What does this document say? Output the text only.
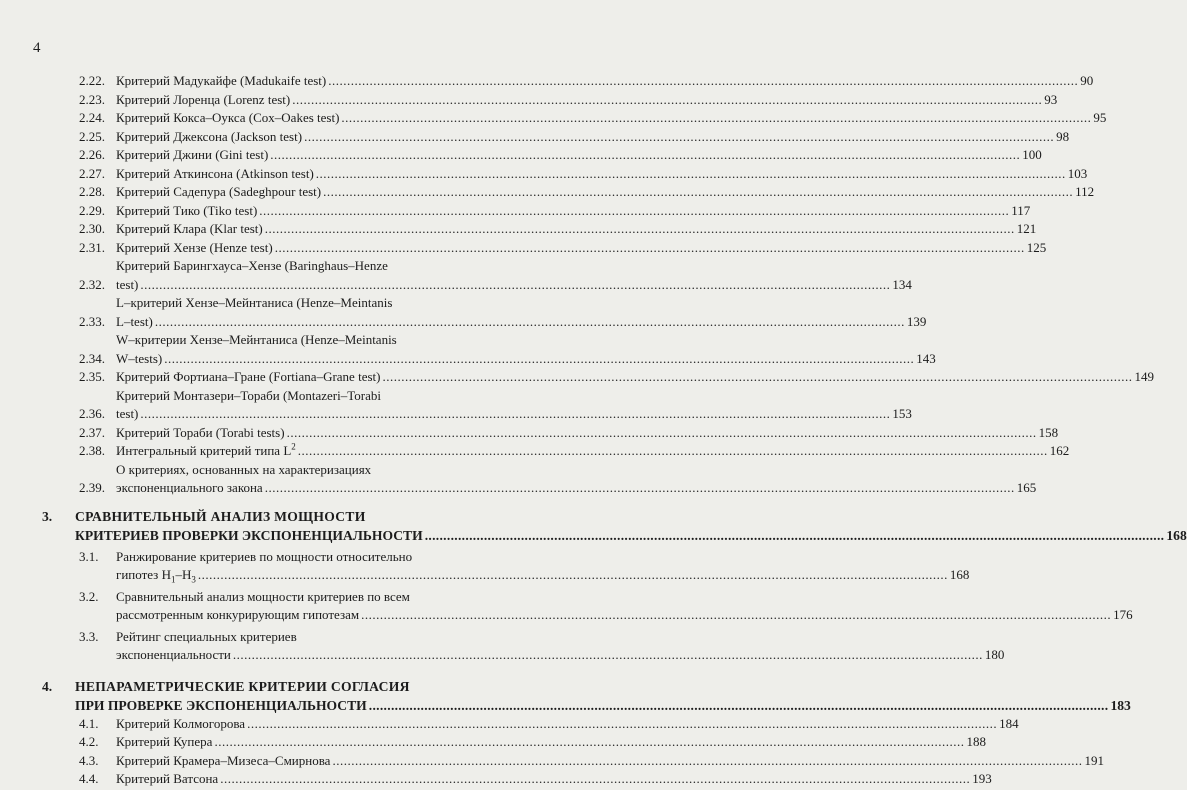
4
2.22. Критерий Мадукайфе (Madukaife test) .....	90
2.23. Критерий Лоренца (Lorenz test) .....	93
2.24. Критерий Кокса–Оукса (Cox–Oakes test) .....	95
2.25. Критерий Джексона (Jackson test) .....	98
2.26. Критерий Джини (Gini test) .....	100
2.27. Критерий Аткинсона (Atkinson test) .....	103
2.28. Критерий Садепура (Sadeghpour test) .....	112
2.29. Критерий Тико (Tiko test) .....	117
2.30. Критерий Клара (Klar test) .....	121
2.31. Критерий Хензе (Henze test) .....	125
2.32.
Критерий Барингхауса–Хензе (Baringhaus–Henze
test) .....	134
2.33.
L–критерий Хензе–Мейнтаниса (Henze–Meintanis
L–test) .....	139
2.34.
W–критерии Хензе–Мейнтаниса (Henze–Meintanis
W–tests) .....	143
2.35. Критерий Фортиана–Гране (Fortiana–Grane test) .....	149
2.36.
Критерий Монтазери–Тораби (Montazeri–Torabi
test) .....	153
2.37. Критерий Тораби (Torabi tests) .....	158
2.38. Интегральный критерий типа $L^2$ .....	162
2.39.
О критериях, основанных на характеризациях
экспоненциального закона .....	165
3.	СРАВНИТЕЛЬНЫЙ АНАЛИЗ МОЩНОСТИ
КРИТЕРИЕВ ПРОВЕРКИ ЭКСПОНЕНЦИАЛЬНОСТИ .....	168
3.1.	Ранжирование критериев по мощности относительно
гипотез $H_1-H_3$ .....	168
3.2.	Сравнительный анализ мощности критериев по всем
рассмотренным конкурирующим гипотезам .....	176
3.3.	Рейтинг специальных критериев
экспоненциальности .....	180
4.	НЕПАРАМЕТРИЧЕСКИЕ КРИТЕРИИ СОГЛАСИЯ
ПРИ ПРОВЕРКЕ ЭКСПОНЕНЦИАЛЬНОСТИ .....	183
4.1.	Критерий Колмогорова .....	184
4.2.	Критерий Купера .....	188
4.3.	Критерий Крамера–Мизеса–Смирнова .....	191
4.4.	Критерий Ватсона .....	193
